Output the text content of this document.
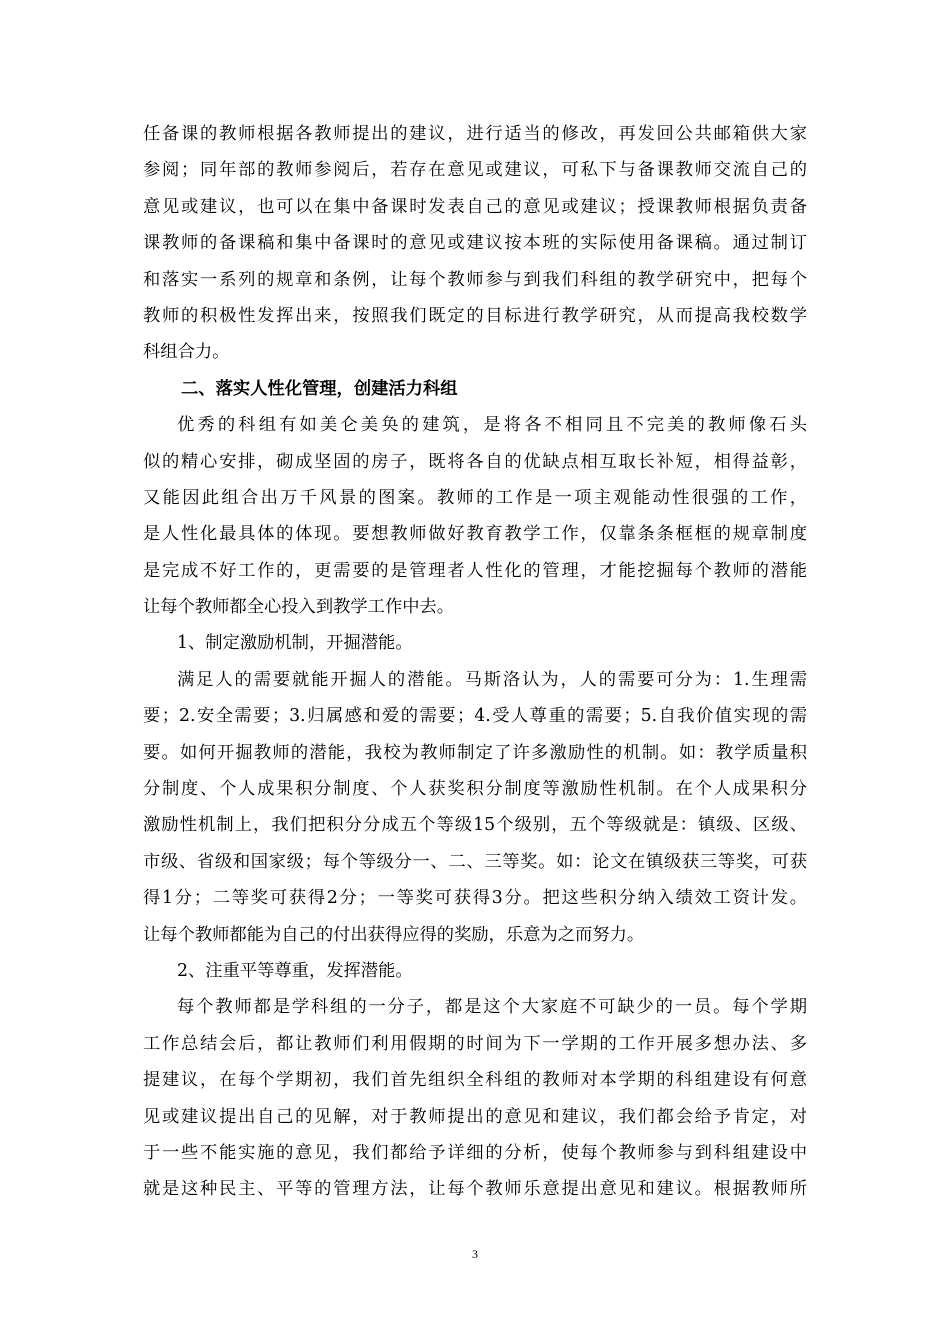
任备课的教师根据各教师提出的建议，进行适当的修改，再发回公共邮箱供大家
参阅；同年部的教师参阅后，若存在意见或建议，可私下与备课教师交流自己的
意见或建议，也可以在集中备课时发表自己的意见或建议；授课教师根据负责备
课教师的备课稿和集中备课时的意见或建议按本班的实际使用备课稿。通过制订
和落实一系列的规章和条例，让每个教师参与到我们科组的教学研究中，把每个
教师的积极性发挥出来，按照我们既定的目标进行教学研究，从而提高我校数学
科组合力。
二、落实人性化管理，创建活力科组
优秀的科组有如美仑美奂的建筑，是将各不相同且不完美的教师像石头
似的精心安排，砌成坚固的房子，既将各自的优缺点相互取长补短，相得益彰，
又能因此组合出万千风景的图案。教师的工作是一项主观能动性很强的工作，
是人性化最具体的体现。要想教师做好教育教学工作，仅靠条条框框的规章制度
是完成不好工作的，更需要的是管理者人性化的管理，才能挖掘每个教师的潜能
让每个教师都全心投入到教学工作中去。
1、制定激励机制，开掘潜能。
满足人的需要就能开掘人的潜能。马斯洛认为，人的需要可分为：1.生理需
要；2.安全需要；3.归属感和爱的需要；4.受人尊重的需要；5.自我价值实现的需
要。如何开掘教师的潜能，我校为教师制定了许多激励性的机制。如：教学质量积
分制度、个人成果积分制度、个人获奖积分制度等激励性机制。在个人成果积分
激励性机制上，我们把积分分成五个等级15个级别，五个等级就是：镇级、区级、
市级、省级和国家级；每个等级分一、二、三等奖。如：论文在镇级获三等奖，可获
得1分；二等奖可获得2分；一等奖可获得3分。把这些积分纳入绩效工资计发。
让每个教师都能为自己的付出获得应得的奖励，乐意为之而努力。
2、注重平等尊重，发挥潜能。
每个教师都是学科组的一分子，都是这个大家庭不可缺少的一员。每个学期
工作总结会后，都让教师们利用假期的时间为下一学期的工作开展多想办法、多
提建议，在每个学期初，我们首先组织全科组的教师对本学期的科组建设有何意
见或建议提出自己的见解，对于教师提出的意见和建议，我们都会给予肯定，对
于一些不能实施的意见，我们都给予详细的分析，使每个教师参与到科组建设中
就是这种民主、平等的管理方法，让每个教师乐意提出意见和建议。根据教师所
3
